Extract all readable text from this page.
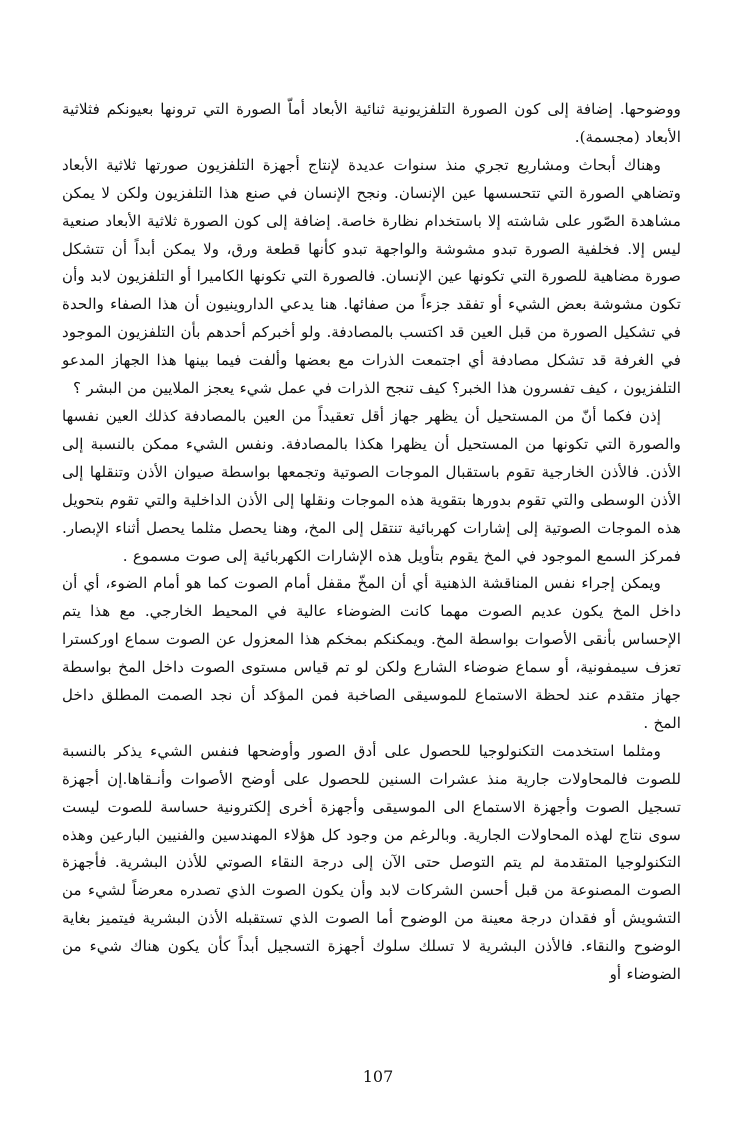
ووضوحها. إضافة إلى كون الصورة التلفزيونية ثنائية الأبعاد أماّ الصورة التي ترونها بعيونكم فثلاثية الأبعاد (مجسمة).

وهناك أبحاث ومشاريع تجري منذ سنوات عديدة لإنتاج أجهزة التلفزيون صورتها ثلاثية الأبعاد وتضاهي الصورة التي تتحسسها عين الإنسان. ونجح الإنسان في صنع هذا التلفزيون ولكن لا يمكن مشاهدة الصّور على شاشته إلا باستخدام نظارة خاصة. إضافة إلى كون الصورة ثلاثية الأبعاد صنعية ليس إلا. فخلفية الصورة تبدو مشوشة والواجهة تبدو كأنها قطعة ورق، ولا يمكن أبداً أن تتشكل صورة مضاهية للصورة التي تكونها عين الإنسان. فالصورة التي تكونها الكاميرا أو التلفزيون لابد وأن تكون مشوشة بعض الشيء أو تفقد جزءاً من صفائها. هنا يدعي الداروينيون أن هذا الصفاء والحدة في تشكيل الصورة من قبل العين قد اكتسب بالمصادفة. ولو أخبركم أحدهم بأن التلفزيون الموجود في الغرفة قد تشكل مصادفة أي اجتمعت الذرات مع بعضها وألفت فيما بينها هذا الجهاز المدعو التلفزيون ، كيف تفسرون هذا الخبر؟ كيف تنجح الذرات في عمل شيء يعجز الملايين من البشر ؟

إذن فكما أنّ من المستحيل أن يظهر جهاز أقل تعقيداً من العين بالمصادفة كذلك العين نفسها والصورة التي تكونها من المستحيل أن يظهرا هكذا بالمصادفة. ونفس الشيء ممكن بالنسبة إلى الأذن. فالأذن الخارجية تقوم باستقبال الموجات الصوتية وتجمعها بواسطة صيوان الأذن وتنقلها إلى الأذن الوسطى والتي تقوم بدورها بتقوية هذه الموجات ونقلها إلى الأذن الداخلية والتي تقوم بتحويل هذه الموجات الصوتية إلى إشارات كهربائية تنتقل إلى المخ، وهنا يحصل مثلما يحصل أثناء الإبصار. فمركز السمع الموجود في المخ يقوم بتأويل هذه الإشارات الكهربائية إلى صوت مسموع .

ويمكن إجراء نفس المناقشة الذهنية أي أن المخّ مقفل أمام الصوت كما هو أمام الضوء، أي أن داخل المخ يكون عديم الصوت مهما كانت الضوضاء عالية في المحيط الخارجي. مع هذا يتم الإحساس بأنقى الأصوات بواسطة المخ. ويمكنكم بمخكم هذا المعزول عن الصوت سماع اوركسترا تعزف سيمفونية، أو سماع ضوضاء الشارع ولكن لو تم قياس مستوى الصوت داخل المخ بواسطة جهاز متقدم عند لحظة الاستماع للموسيقى الصاخبة فمن المؤكد أن نجد الصمت المطلق داخل المخ .

ومثلما استخدمت التكنولوجيا للحصول على أدق الصور وأوضحها فنفس الشيء يذكر بالنسبة للصوت فالمحاولات جارية منذ عشرات السنين للحصول على أوضح الأصوات وأنـقاها.إن أجهزة تسجيل الصوت وأجهزة الاستماع الى الموسيقى وأجهزة أخرى إلكترونية حساسة للصوت ليست سوى نتاج لهذه المحاولات الجارية. وبالرغم من وجود كل هؤلاء المهندسين والفنيين البارعين وهذه التكنولوجيا المتقدمة لم يتم التوصل حتى الآن إلى درجة النقاء الصوتي للأذن البشرية. فأجهزة الصوت المصنوعة من قبل أحسن الشركات لابد وأن يكون الصوت الذي تصدره معرضاً لشيء من التشويش أو فقدان درجة معينة من الوضوح أما الصوت الذي تستقبله الأذن البشرية فيتميز بغاية الوضوح والنقاء. فالأذن البشرية لا تسلك سلوك أجهزة التسجيل أبداً كأن يكون هناك شيء من الضوضاء أو

107
